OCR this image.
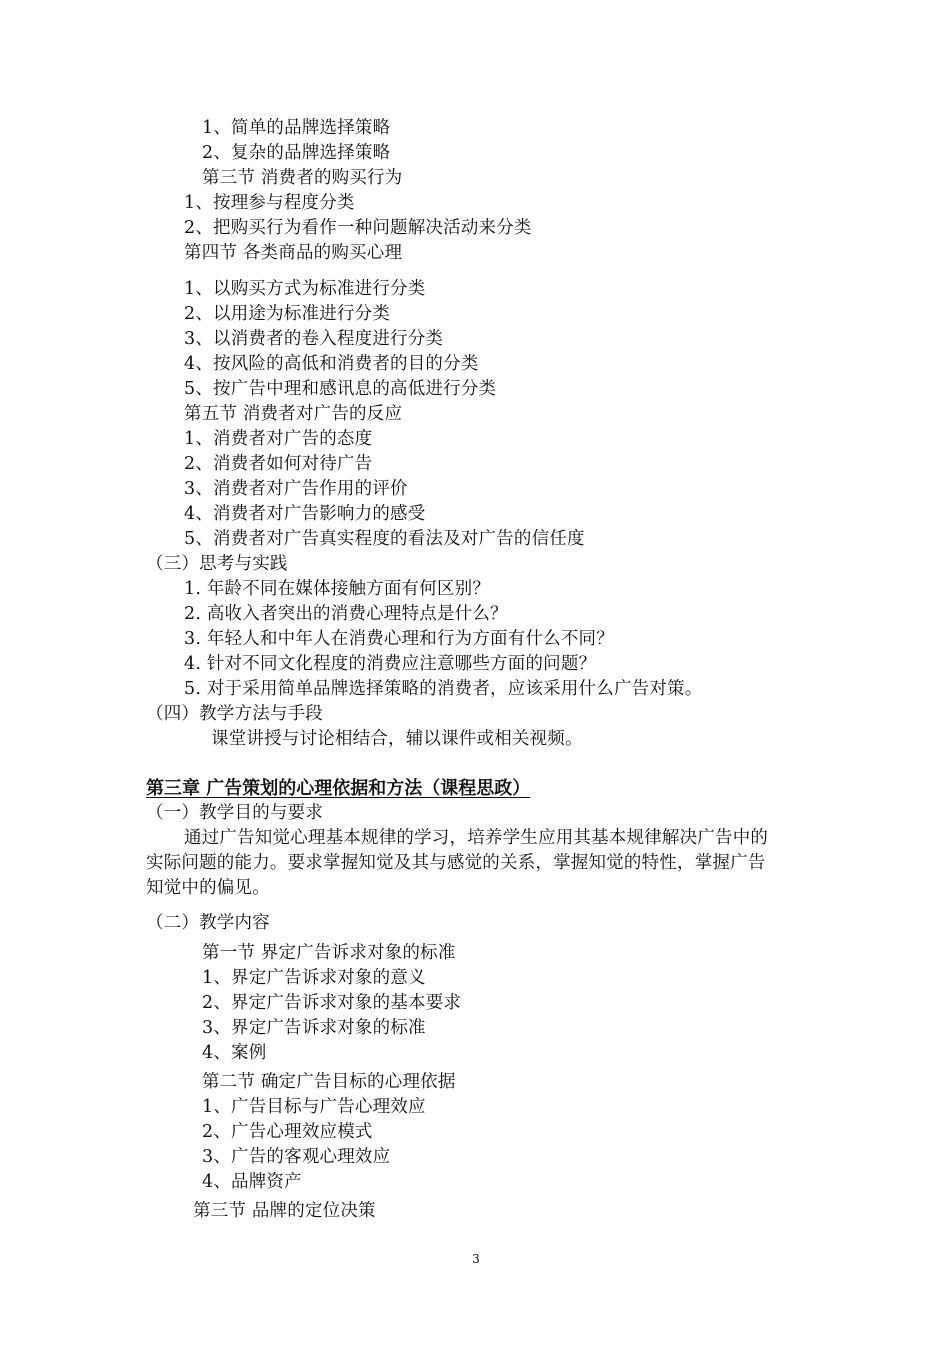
1、简单的品牌选择策略
2、复杂的品牌选择策略
第三节 消费者的购买行为
1、按理参与程度分类
2、把购买行为看作一种问题解决活动来分类
第四节 各类商品的购买心理
1、以购买方式为标准进行分类
2、以用途为标准进行分类
3、以消费者的卷入程度进行分类
4、按风险的高低和消费者的目的分类
5、按广告中理和感讯息的高低进行分类
第五节 消费者对广告的反应
1、消费者对广告的态度
2、消费者如何对待广告
3、消费者对广告作用的评价
4、消费者对广告影响力的感受
5、消费者对广告真实程度的看法及对广告的信任度
（三）思考与实践
1. 年龄不同在媒体接触方面有何区别？
2. 高收入者突出的消费心理特点是什么？
3. 年轻人和中年人在消费心理和行为方面有什么不同？
4. 针对不同文化程度的消费应注意哪些方面的问题？
5. 对于采用简单品牌选择策略的消费者，应该采用什么广告对策。
（四）教学方法与手段
课堂讲授与讨论相结合，辅以课件或相关视频。
第三章 广告策划的心理依据和方法（课程思政）
（一）教学目的与要求
通过广告知觉心理基本规律的学习，培养学生应用其基本规律解决广告中的
实际问题的能力。要求掌握知觉及其与感觉的关系，掌握知觉的特性，掌握广告
知觉中的偏见。
（二）教学内容
第一节 界定广告诉求对象的标准
1、界定广告诉求对象的意义
2、界定广告诉求对象的基本要求
3、界定广告诉求对象的标准
4、案例
第二节 确定广告目标的心理依据
1、广告目标与广告心理效应
2、广告心理效应模式
3、广告的客观心理效应
4、品牌资产
第三节 品牌的定位决策
3
